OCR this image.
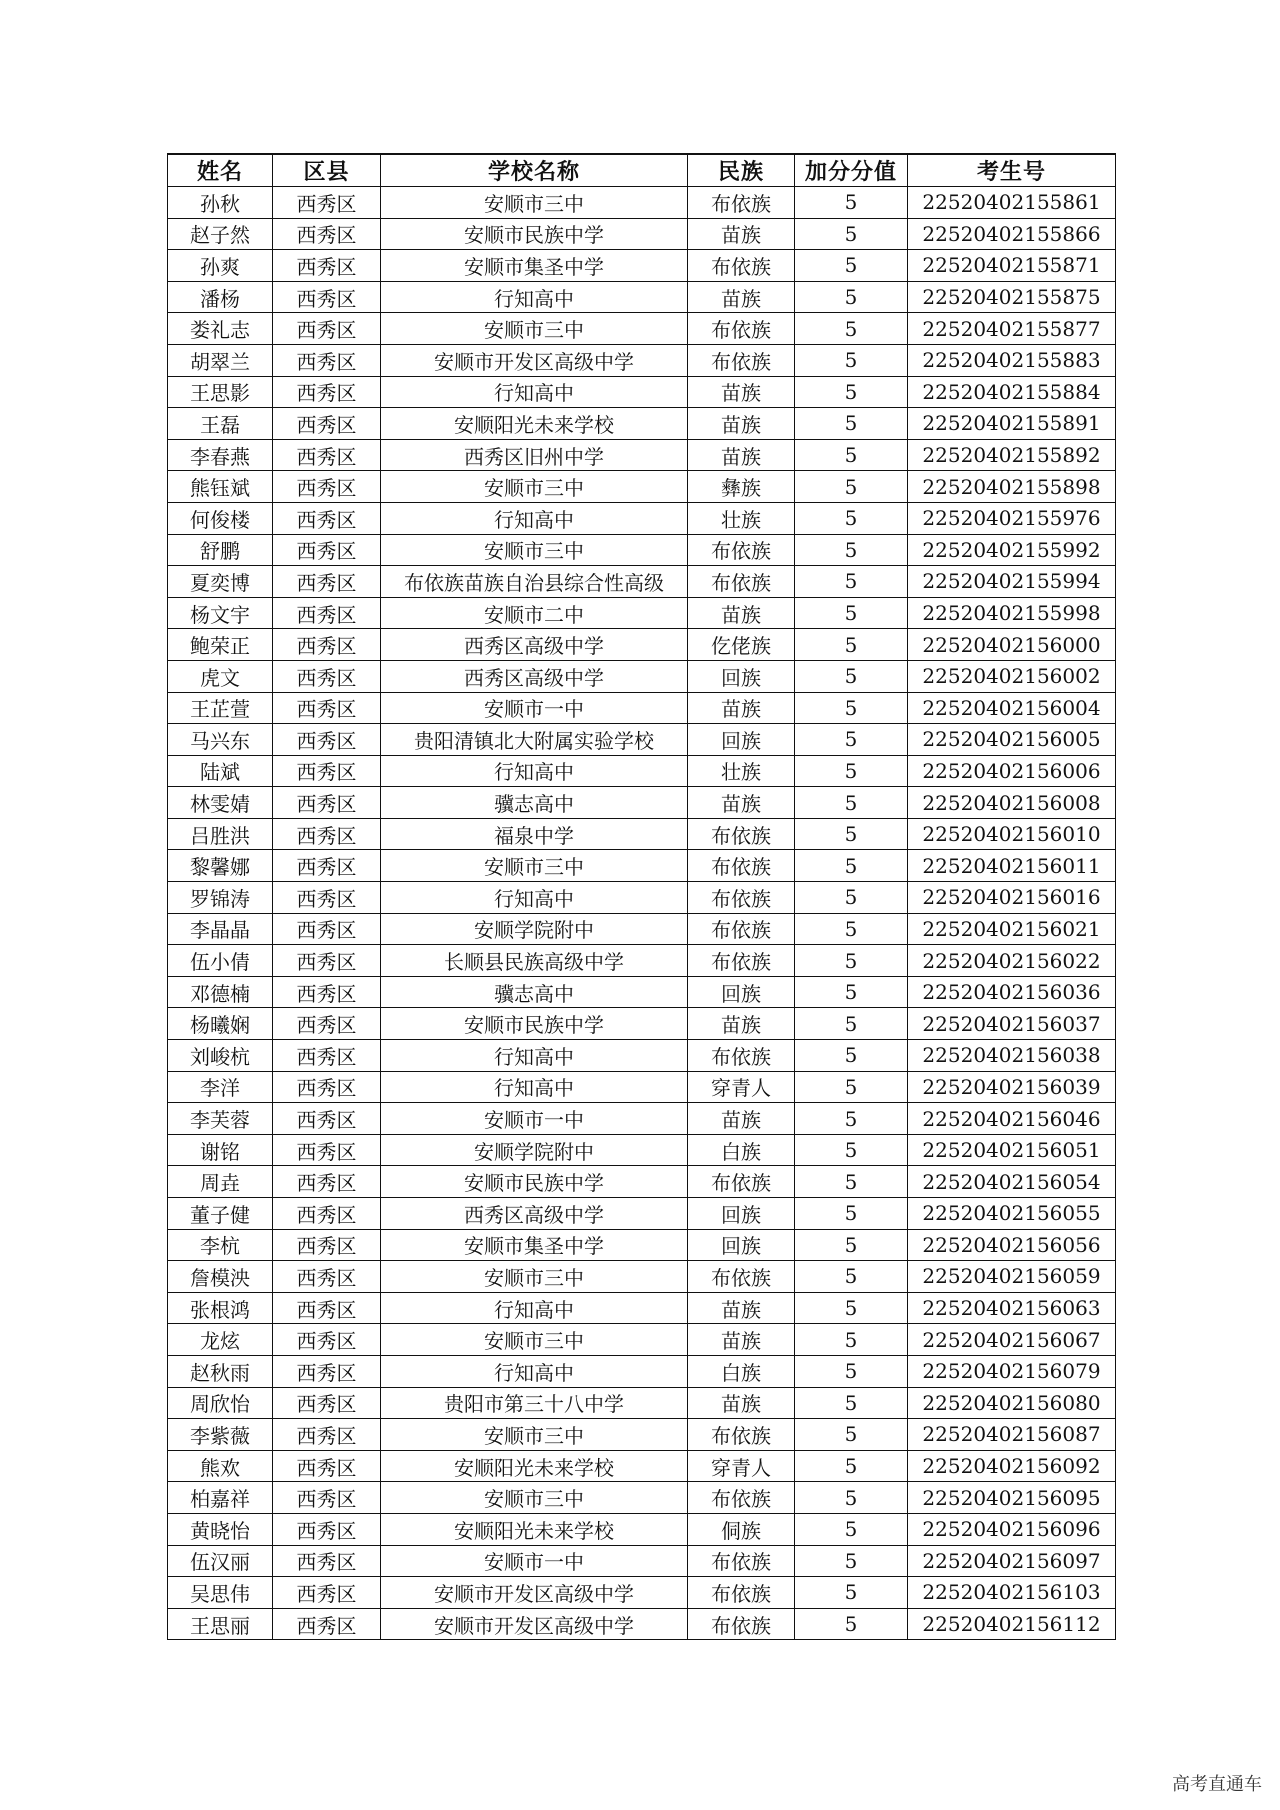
姓名	区县	学校名称	民族	加分分值	考生号
孙秋	西秀区	安顺市三中	布依族	5	22520402155861
赵子然	西秀区	安顺市民族中学	苗族	5	22520402155866
孙爽	西秀区	安顺市集圣中学	布依族	5	22520402155871
潘杨	西秀区	行知高中	苗族	5	22520402155875
娄礼志	西秀区	安顺市三中	布依族	5	22520402155877
胡翠兰	西秀区	安顺市开发区高级中学	布依族	5	22520402155883
王思影	西秀区	行知高中	苗族	5	22520402155884
王磊	西秀区	安顺阳光未来学校	苗族	5	22520402155891
李春燕	西秀区	西秀区旧州中学	苗族	5	22520402155892
熊钰斌	西秀区	安顺市三中	彝族	5	22520402155898
何俊楼	西秀区	行知高中	壮族	5	22520402155976
舒鹏	西秀区	安顺市三中	布依族	5	22520402155992
夏奕博	西秀区	布依族苗族自治县综合性高级	布依族	5	22520402155994
杨文宇	西秀区	安顺市二中	苗族	5	22520402155998
鲍荣正	西秀区	西秀区高级中学	仡佬族	5	22520402156000
虎文	西秀区	西秀区高级中学	回族	5	22520402156002
王芷萱	西秀区	安顺市一中	苗族	5	22520402156004
马兴东	西秀区	贵阳清镇北大附属实验学校	回族	5	22520402156005
陆斌	西秀区	行知高中	壮族	5	22520402156006
林雯婧	西秀区	骥志高中	苗族	5	22520402156008
吕胜洪	西秀区	福泉中学	布依族	5	22520402156010
黎馨娜	西秀区	安顺市三中	布依族	5	22520402156011
罗锦涛	西秀区	行知高中	布依族	5	22520402156016
李晶晶	西秀区	安顺学院附中	布依族	5	22520402156021
伍小倩	西秀区	长顺县民族高级中学	布依族	5	22520402156022
邓德楠	西秀区	骥志高中	回族	5	22520402156036
杨曦娴	西秀区	安顺市民族中学	苗族	5	22520402156037
刘峻杭	西秀区	行知高中	布依族	5	22520402156038
李洋	西秀区	行知高中	穿青人	5	22520402156039
李芙蓉	西秀区	安顺市一中	苗族	5	22520402156046
谢铭	西秀区	安顺学院附中	白族	5	22520402156051
周垚	西秀区	安顺市民族中学	布依族	5	22520402156054
董子健	西秀区	西秀区高级中学	回族	5	22520402156055
李杭	西秀区	安顺市集圣中学	回族	5	22520402156056
詹模泱	西秀区	安顺市三中	布依族	5	22520402156059
张根鸿	西秀区	行知高中	苗族	5	22520402156063
龙炫	西秀区	安顺市三中	苗族	5	22520402156067
赵秋雨	西秀区	行知高中	白族	5	22520402156079
周欣怡	西秀区	贵阳市第三十八中学	苗族	5	22520402156080
李紫薇	西秀区	安顺市三中	布依族	5	22520402156087
熊欢	西秀区	安顺阳光未来学校	穿青人	5	22520402156092
柏嘉祥	西秀区	安顺市三中	布依族	5	22520402156095
黄晓怡	西秀区	安顺阳光未来学校	侗族	5	22520402156096
伍汉丽	西秀区	安顺市一中	布依族	5	22520402156097
吴思伟	西秀区	安顺市开发区高级中学	布依族	5	22520402156103
王思丽	西秀区	安顺市开发区高级中学	布依族	5	22520402156112
高考直通车
